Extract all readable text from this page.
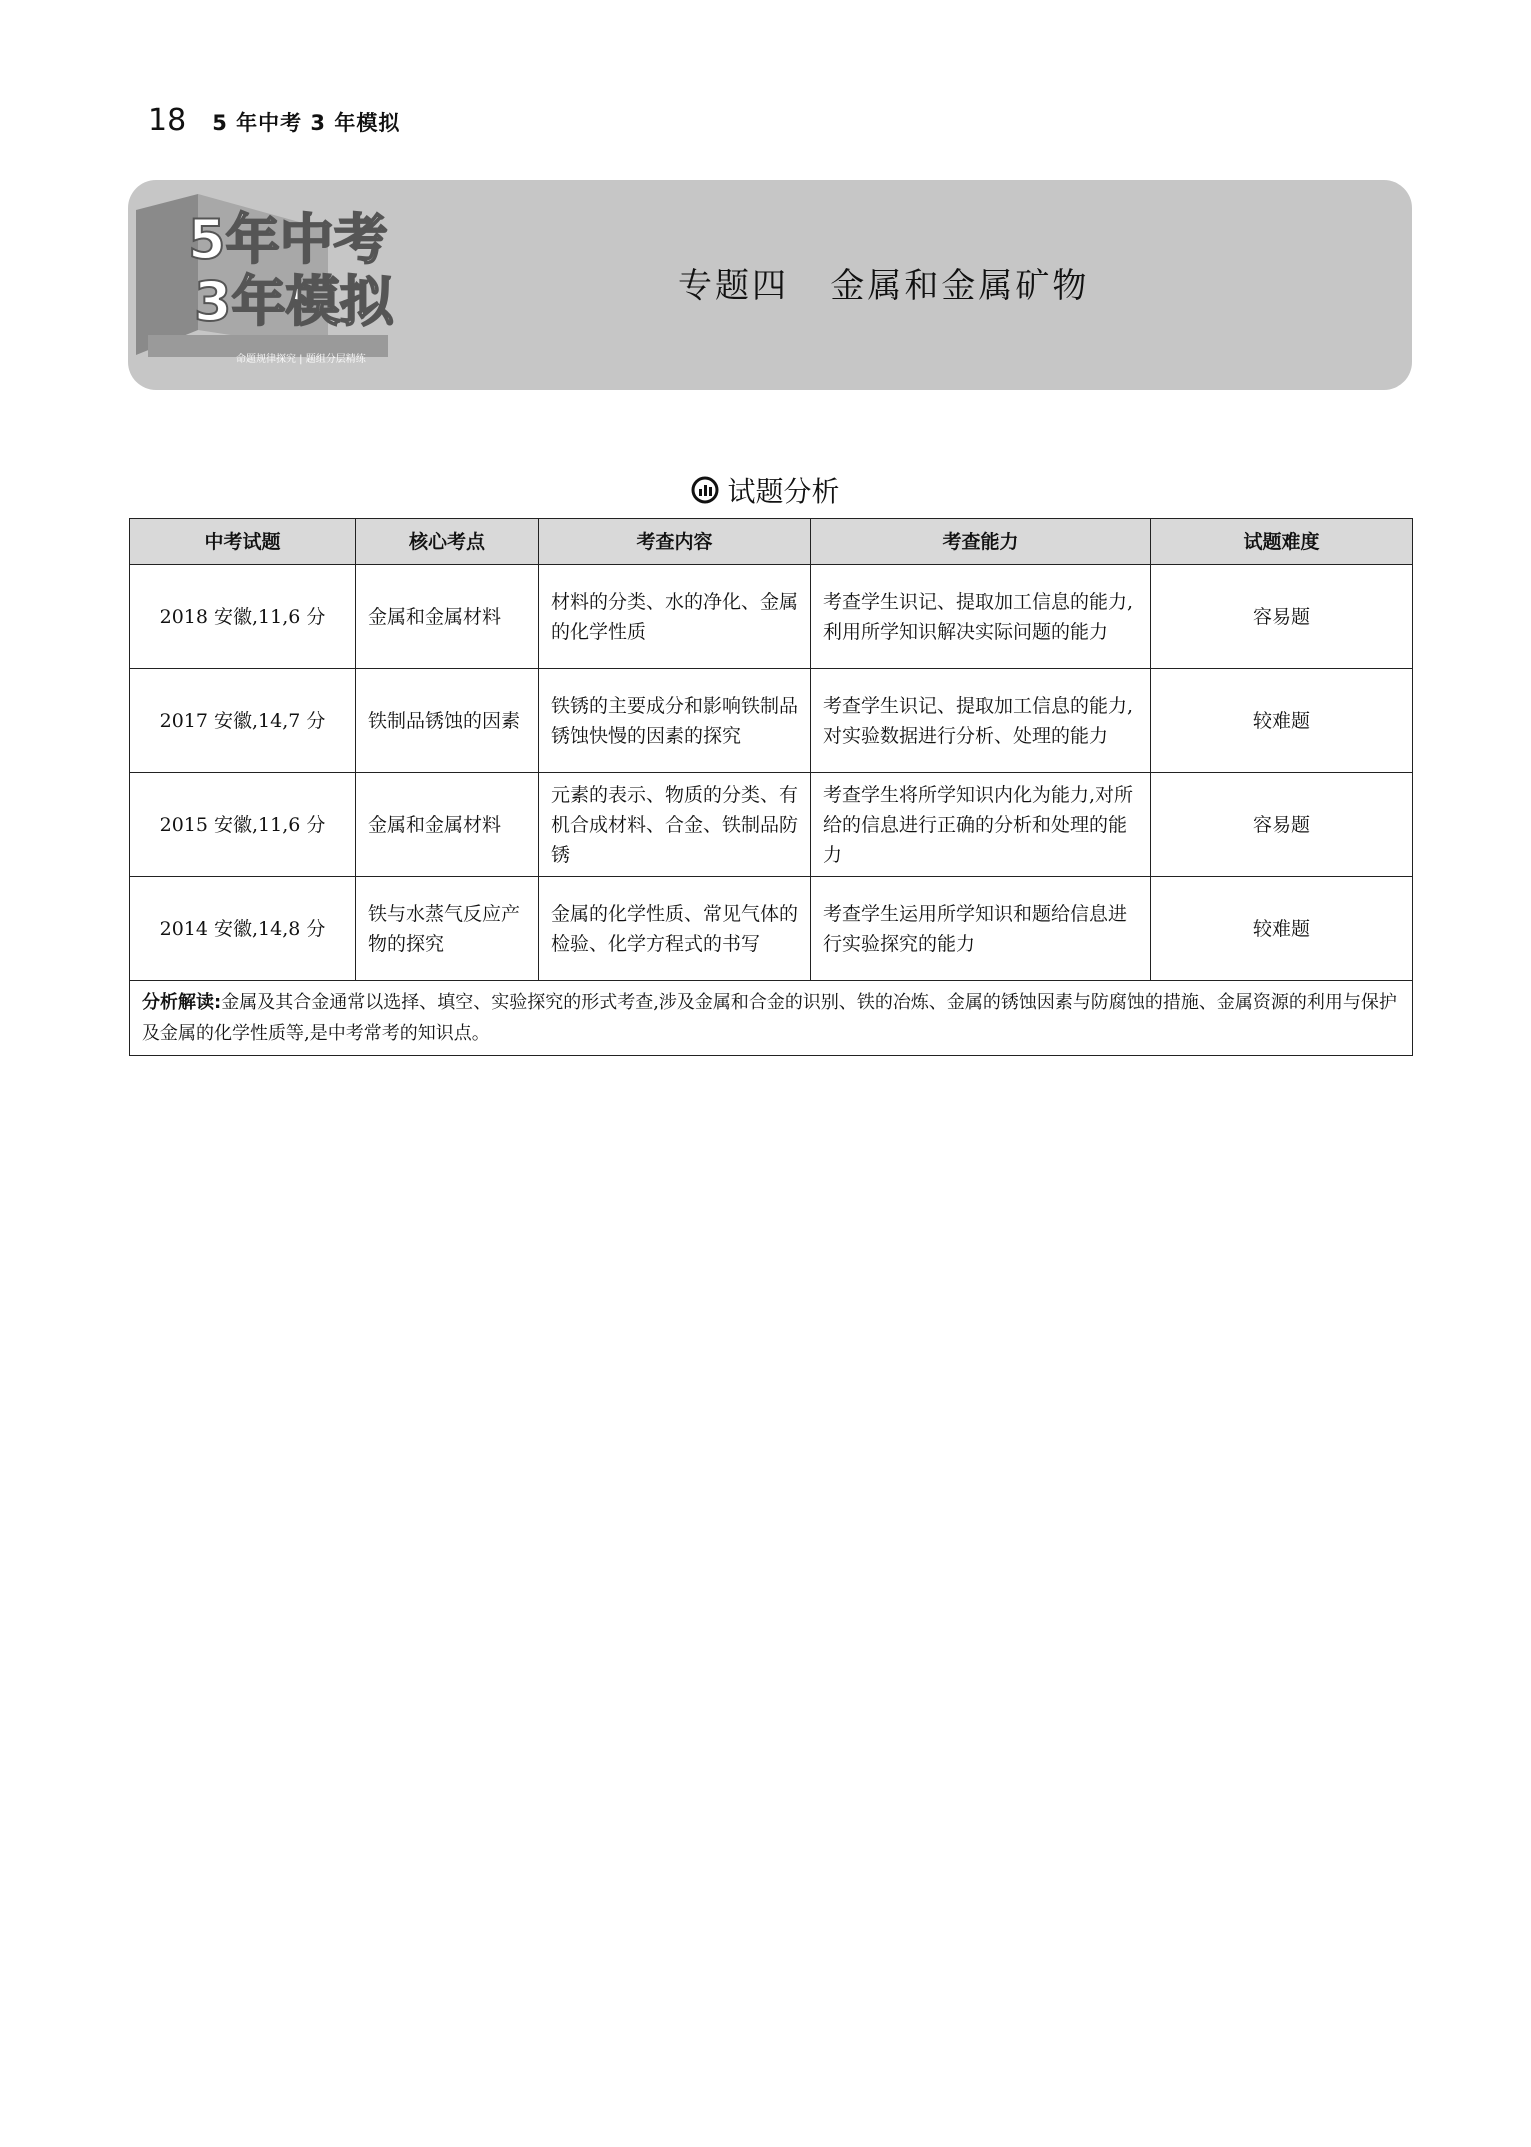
18 5 年中考 3 年模拟
5年中考
3年模拟
命题规律探究 | 题组分层精练
专题四   金属和金属矿物
试题分析
中考试题	核心考点	考查内容	考查能力	试题难度
2018 安徽,11,6 分	金属和金属材料	材料的分类、水的净化、金属的化学性质	考查学生识记、提取加工信息的能力,利用所学知识解决实际问题的能力	容易题
2017 安徽,14,7 分	铁制品锈蚀的因素	铁锈的主要成分和影响铁制品锈蚀快慢的因素的探究	考查学生识记、提取加工信息的能力,对实验数据进行分析、处理的能力	较难题
2015 安徽,11,6 分	金属和金属材料	元素的表示、物质的分类、有机合成材料、合金、铁制品防锈	考查学生将所学知识内化为能力,对所给的信息进行正确的分析和处理的能力	容易题
2014 安徽,14,8 分	铁与水蒸气反应产物的探究	金属的化学性质、常见气体的检验、化学方程式的书写	考查学生运用所学知识和题给信息进行实验探究的能力	较难题
分析解读:金属及其合金通常以选择、填空、实验探究的形式考查,涉及金属和合金的识别、铁的冶炼、金属的锈蚀因素与防腐蚀的措施、金属资源的利用与保护及金属的化学性质等,是中考常考的知识点。				
